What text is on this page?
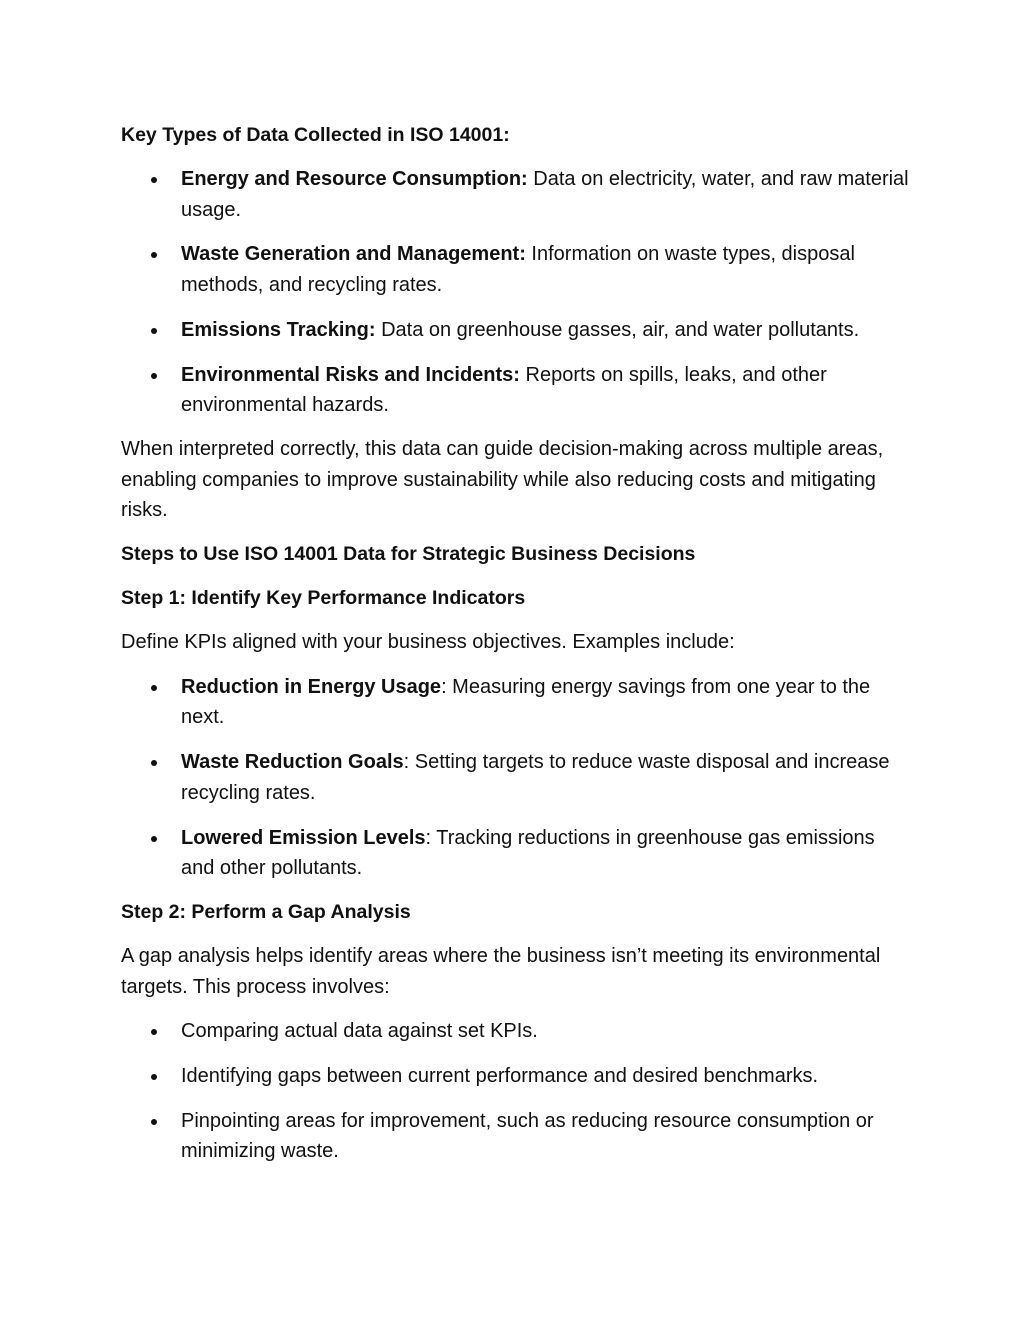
Key Types of Data Collected in ISO 14001:

Energy and Resource Consumption: Data on electricity, water, and raw material usage.
Waste Generation and Management: Information on waste types, disposal methods, and recycling rates.
Emissions Tracking: Data on greenhouse gasses, air, and water pollutants.
Environmental Risks and Incidents: Reports on spills, leaks, and other environmental hazards.

When interpreted correctly, this data can guide decision-making across multiple areas, enabling companies to improve sustainability while also reducing costs and mitigating risks.

Steps to Use ISO 14001 Data for Strategic Business Decisions

Step 1: Identify Key Performance Indicators

Define KPIs aligned with your business objectives. Examples include:

Reduction in Energy Usage: Measuring energy savings from one year to the next.
Waste Reduction Goals: Setting targets to reduce waste disposal and increase recycling rates.
Lowered Emission Levels: Tracking reductions in greenhouse gas emissions and other pollutants.

Step 2: Perform a Gap Analysis

A gap analysis helps identify areas where the business isn’t meeting its environmental targets. This process involves:

Comparing actual data against set KPIs.
Identifying gaps between current performance and desired benchmarks.
Pinpointing areas for improvement, such as reducing resource consumption or minimizing waste.
